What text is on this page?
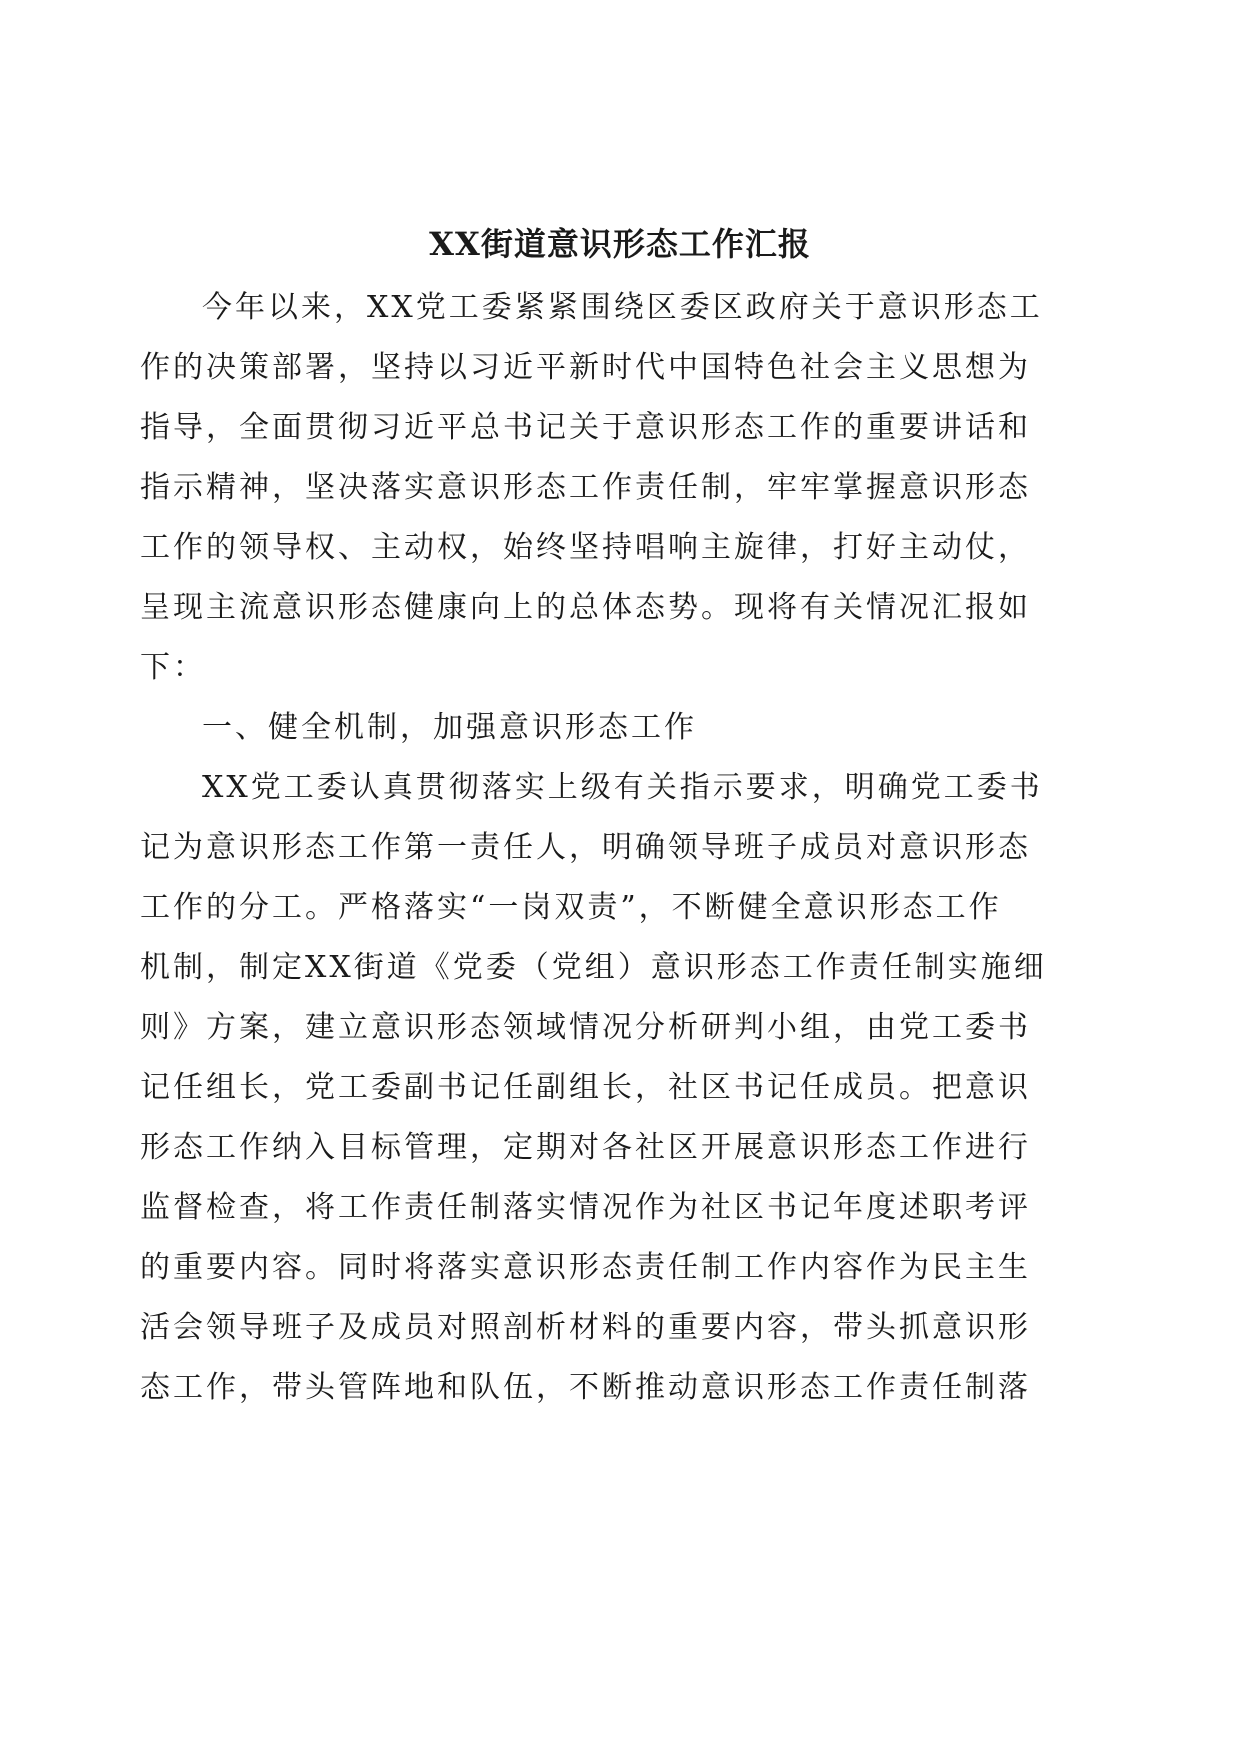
XX街道意识形态工作汇报
今年以来，XX党工委紧紧围绕区委区政府关于意识形态工
作的决策部署，坚持以习近平新时代中国特色社会主义思想为
指导，全面贯彻习近平总书记关于意识形态工作的重要讲话和
指示精神，坚决落实意识形态工作责任制，牢牢掌握意识形态
工作的领导权、主动权，始终坚持唱响主旋律，打好主动仗，
呈现主流意识形态健康向上的总体态势。现将有关情况汇报如
下：
一、健全机制，加强意识形态工作
XX党工委认真贯彻落实上级有关指示要求，明确党工委书
记为意识形态工作第一责任人，明确领导班子成员对意识形态
工作的分工。严格落实“一岗双责”，不断健全意识形态工作
机制，制定XX街道《党委（党组）意识形态工作责任制实施细
则》方案，建立意识形态领域情况分析研判小组，由党工委书
记任组长，党工委副书记任副组长，社区书记任成员。把意识
形态工作纳入目标管理，定期对各社区开展意识形态工作进行
监督检查，将工作责任制落实情况作为社区书记年度述职考评
的重要内容。同时将落实意识形态责任制工作内容作为民主生
活会领导班子及成员对照剖析材料的重要内容，带头抓意识形
态工作，带头管阵地和队伍，不断推动意识形态工作责任制落
